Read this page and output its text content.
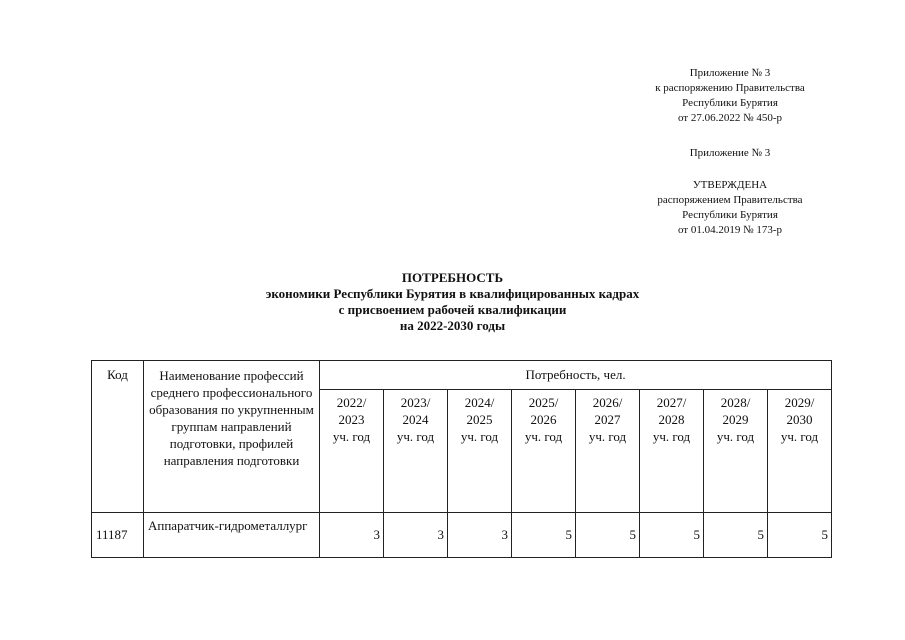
Приложение № 3

к распоряжению Правительства

Республики Бурятия

от 27.06.2022 № 450-р

Приложение № 3

УТВЕРЖДЕНА

распоряжением Правительства

Республики Бурятия

от 01.04.2019 № 173-р

ПОТРЕБНОСТЬ

экономики Республики Бурятия в квалифицированных кадрах

с присвоением рабочей квалификации

на 2022-2030 годы

Код	Наименование профессий среднего профессионального образования по укрупненным группам направлений подготовки, профилей направления подготовки	Потребность, чел.							

		2022/
2023
уч. год	2023/
2024
уч. год	2024/
2025
уч. год	2025/
2026
уч. год	2026/
2027
уч. год	2027/
2028
уч. год	2028/
2029
уч. год	2029/
2030
уч. год

11187	Аппаратчик-гидрометаллург	3	3	3	5	5	5	5	5
